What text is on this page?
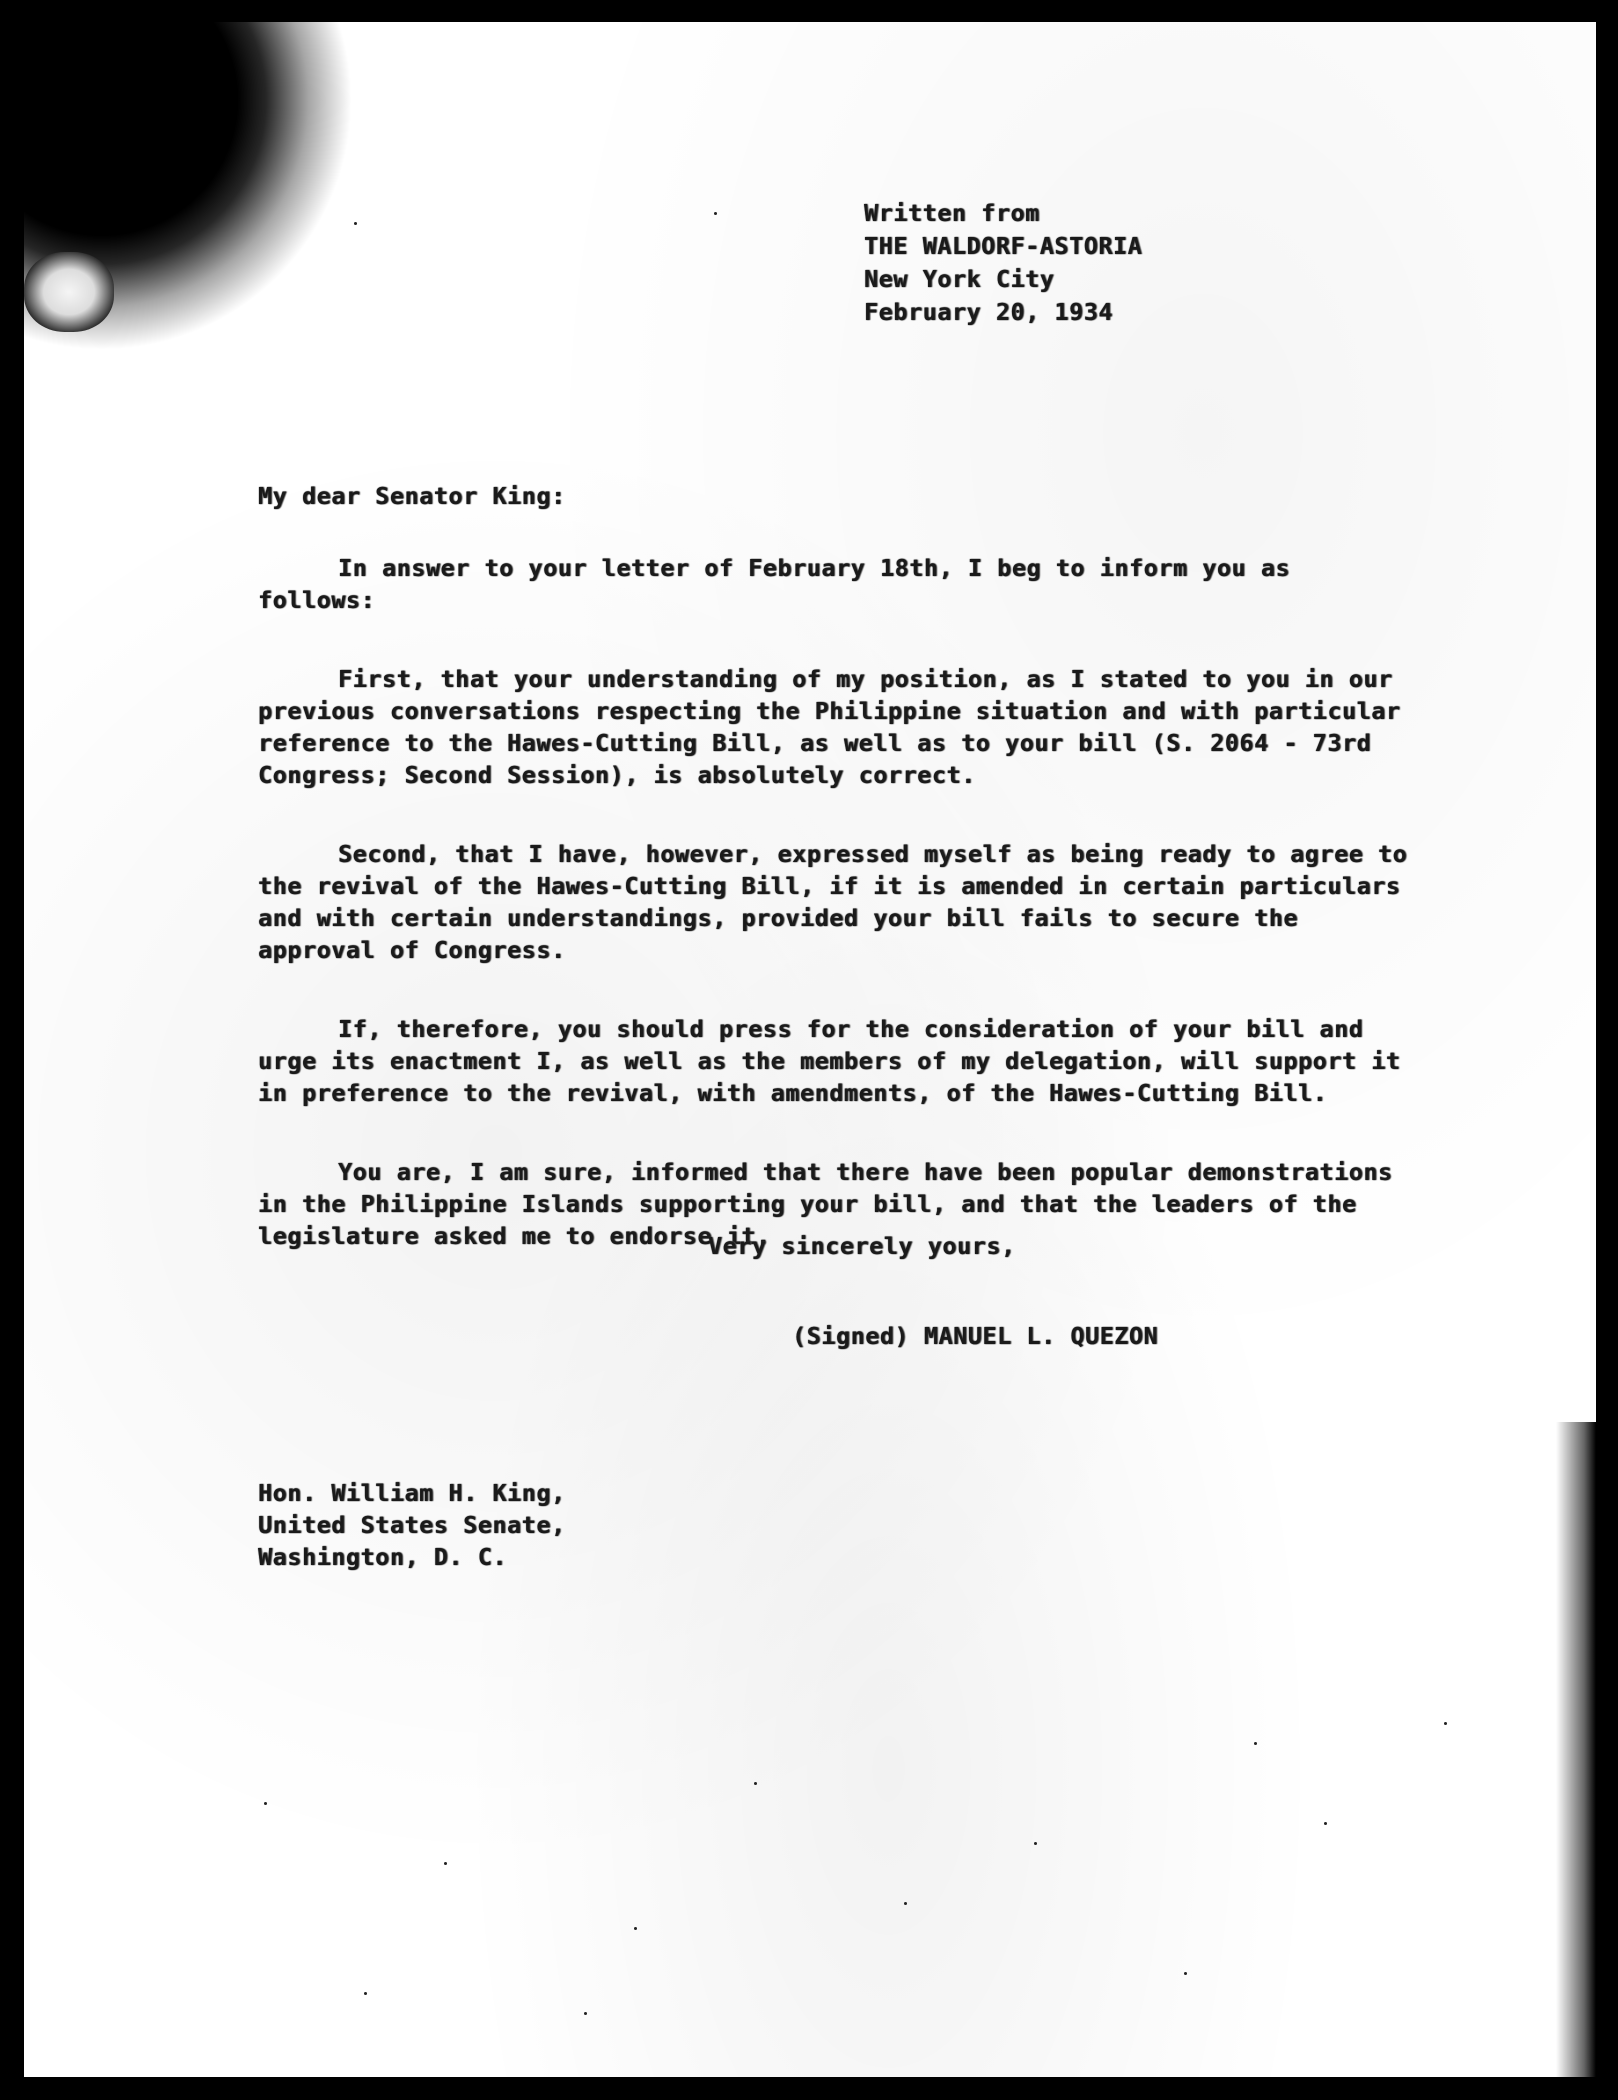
Written from
THE WALDORF-ASTORIA
New York City
February 20, 1934
My dear Senator King:

In answer to your letter of February 18th, I beg to inform you as follows:

First, that your understanding of my position, as I stated to you in our previous conversations respecting the Philippine situation and with particular reference to the Hawes-Cutting Bill, as well as to your bill (S. 2064 - 73rd Congress; Second Session), is absolutely correct.

Second, that I have, however, expressed myself as being ready to agree to the revival of the Hawes-Cutting Bill, if it is amended in certain particulars and with certain understandings, provided your bill fails to secure the approval of Congress.

If, therefore, you should press for the consideration of your bill and urge its enactment I, as well as the members of my delegation, will support it in preference to the revival, with amendments, of the Hawes-Cutting Bill.

You are, I am sure, informed that there have been popular demonstrations in the Philippine Islands supporting your bill, and that the leaders of the legislature asked me to endorse it.

Very sincerely yours,
(Signed) MANUEL L. QUEZON
Hon. William H. King,
United States Senate,
Washington, D. C.
